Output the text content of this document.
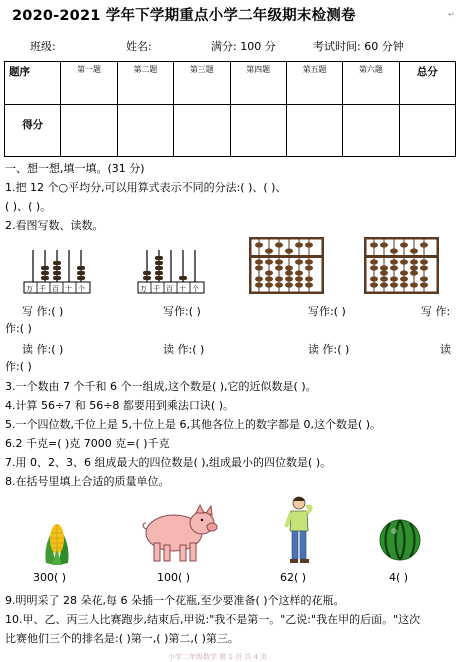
2020-2021 学年下学期重点小学二年级期末检测卷	↵
班级:	姓名:	满分: 100 分	考试时间: 60 分钟
题序	第一题	第二题	第三题	第四题	第五题	第六题	总分
得分							
一、想一想,填一填。(31 分)
1.把 12 个○平均分,可以用算式表示不同的分法:( )、( )、
( )、( )。
2.看图写数、读数。
万 千 百 十 个	万 千 百 十 个
写 作:( )	写作:( )	写作:( )	写 作:
作:( )
读 作:( )	读 作:( )	读 作:( )	读
作:( )
3.一个数由 7 个千和 6 个一组成,这个数是( ),它的近似数是( )。
4.计算 56÷7 和 56÷8 都要用到乘法口诀( )。
5.一个四位数,千位上是 5,十位上是 6,其他各位上的数字都是 0,这个数是( )。
6.2 千克=( )克 7000 克=( )千克
7.用 0、2、3、6 组成最大的四位数是( ),组成最小的四位数是( )。
8.在括号里填上合适的质量单位。
300( )	100( )	62( )	4( )
9.明明采了 28 朵花,每 6 朵插一个花瓶,至少要准备( )个这样的花瓶。
10.甲、乙、丙三人比赛跑步,结束后,甲说:"我不是第一。"乙说:"我在甲的后面。"这次
比赛他们三个的排名是:( )第一,( )第二,( )第三。
小学二年级数学 第 1 页 共 4 页
